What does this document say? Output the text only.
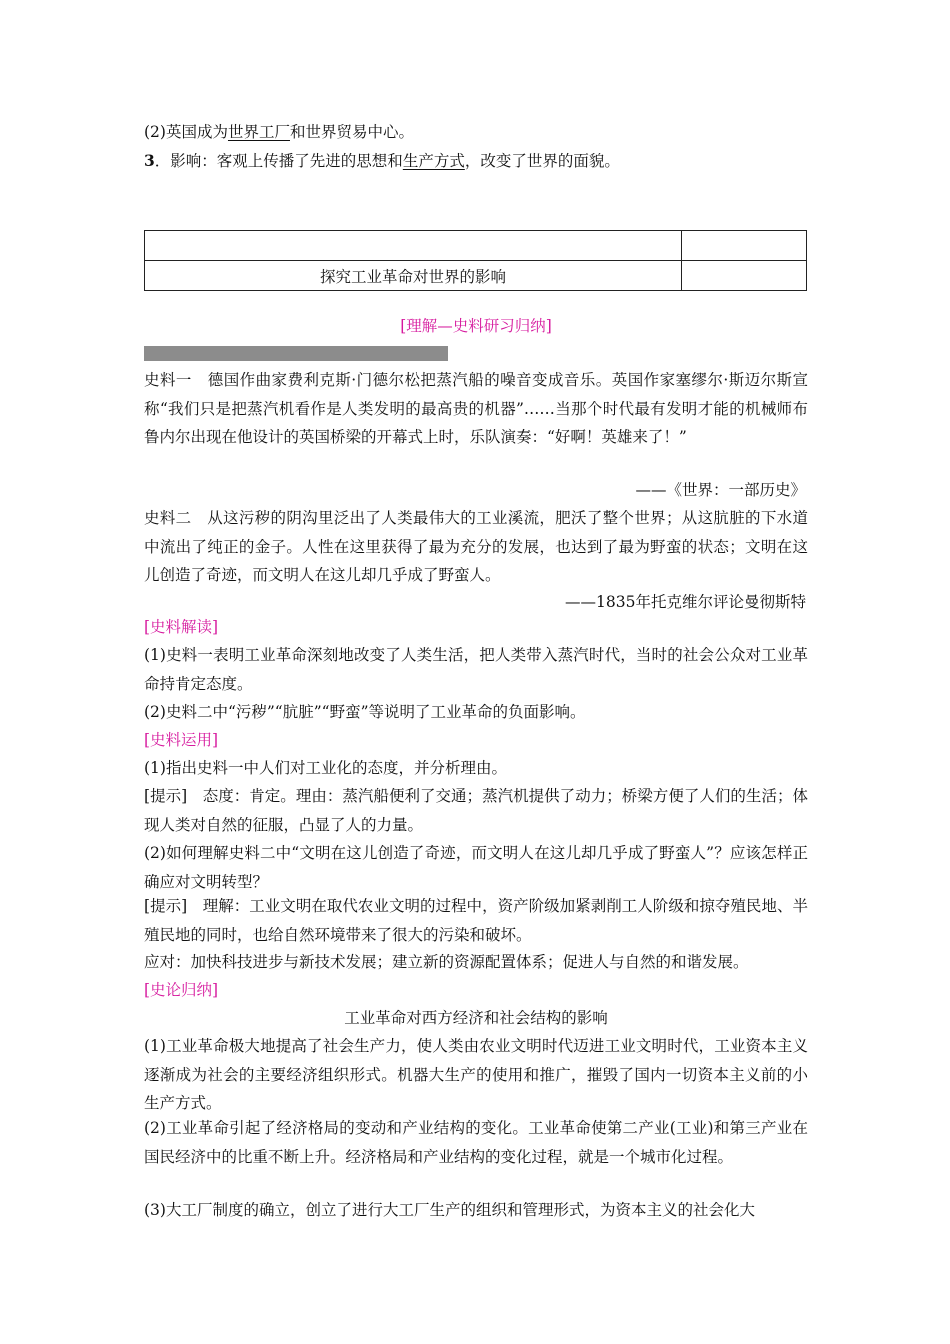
(2)英国成为世界工厂和世界贸易中心。
3．影响：客观上传播了先进的思想和生产方式，改变了世界的面貌。

探究工业革命对世界的影响	
[理解—史料研习归纳]
史料一　德国作曲家费利克斯·门德尔松把蒸汽船的噪音变成音乐。英国作家塞缪尔·斯迈尔斯宣称“我们只是把蒸汽机看作是人类发明的最高贵的机器”……当那个时代最有发明才能的机械师布鲁内尔出现在他设计的英国桥梁的开幕式上时，乐队演奏：“好啊！英雄来了！”
——《世界：一部历史》
史料二　从这污秽的阴沟里泛出了人类最伟大的工业溪流，肥沃了整个世界；从这肮脏的下水道中流出了纯正的金子。人性在这里获得了最为充分的发展，也达到了最为野蛮的状态；文明在这儿创造了奇迹，而文明人在这儿却几乎成了野蛮人。
——1835年托克维尔评论曼彻斯特
[史料解读]
(1)史料一表明工业革命深刻地改变了人类生活，把人类带入蒸汽时代，当时的社会公众对工业革命持肯定态度。
(2)史料二中“污秽”“肮脏”“野蛮”等说明了工业革命的负面影响。
[史料运用]
(1)指出史料一中人们对工业化的态度，并分析理由。
[提示]　态度：肯定。理由：蒸汽船便利了交通；蒸汽机提供了动力；桥梁方便了人们的生活；体现人类对自然的征服，凸显了人的力量。
(2)如何理解史料二中“文明在这儿创造了奇迹，而文明人在这儿却几乎成了野蛮人”？应该怎样正确应对文明转型？
[提示]　理解：工业文明在取代农业文明的过程中，资产阶级加紧剥削工人阶级和掠夺殖民地、半殖民地的同时，也给自然环境带来了很大的污染和破坏。
应对：加快科技进步与新技术发展；建立新的资源配置体系；促进人与自然的和谐发展。
[史论归纳]
工业革命对西方经济和社会结构的影响
(1)工业革命极大地提高了社会生产力，使人类由农业文明时代迈进工业文明时代，工业资本主义逐渐成为社会的主要经济组织形式。机器大生产的使用和推广，摧毁了国内一切资本主义前的小生产方式。
(2)工业革命引起了经济格局的变动和产业结构的变化。工业革命使第二产业(工业)和第三产业在国民经济中的比重不断上升。经济格局和产业结构的变化过程，就是一个城市化过程。
(3)大工厂制度的确立，创立了进行大工厂生产的组织和管理形式，为资本主义的社会化大
